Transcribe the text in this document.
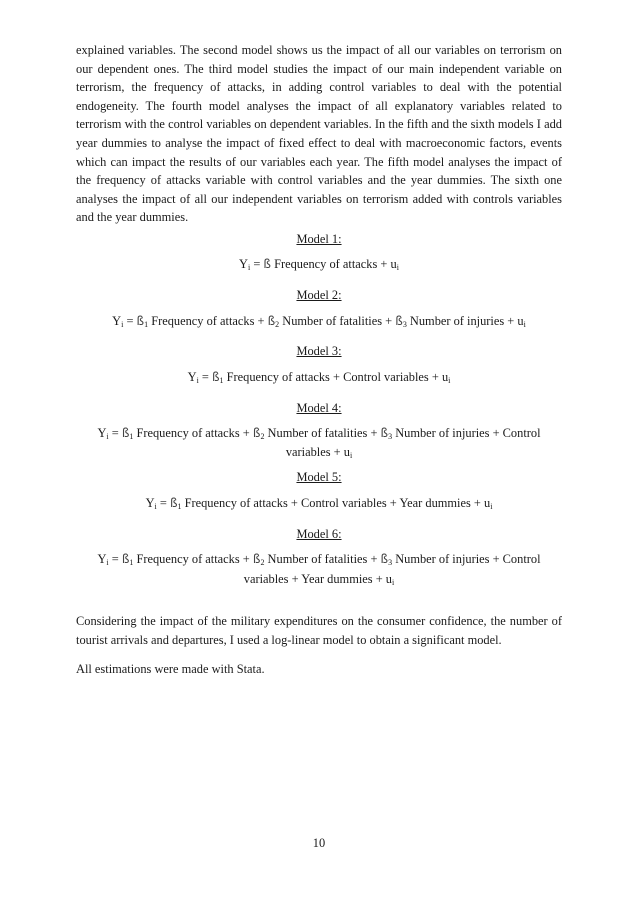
explained variables. The second model shows us the impact of all our variables on terrorism on our dependent ones. The third model studies the impact of our main independent variable on terrorism, the frequency of attacks, in adding control variables to deal with the potential endogeneity. The fourth model analyses the impact of all explanatory variables related to terrorism with the control variables on dependent variables. In the fifth and the sixth models I add year dummies to analyse the impact of fixed effect to deal with macroeconomic factors, events which can impact the results of our variables each year. The fifth model analyses the impact of the frequency of attacks variable with control variables and the year dummies. The sixth one analyses the impact of all our independent variables on terrorism added with controls variables and the year dummies.

Model 1:
$Y_i$ = ß Frequency of attacks + $u_i$
Model 2:
$Y_i$ = $ß_1$ Frequency of attacks + $ß_2$ Number of fatalities + $ß_3$ Number of injuries + $u_i$
Model 3:
$Y_i$ = $ß_1$ Frequency of attacks + Control variables + $u_i$
Model 4:
$Y_i$ = $ß_1$ Frequency of attacks + $ß_2$ Number of fatalities + $ß_3$ Number of injuries + Control
variables + $u_i$
Model 5:
$Y_i$ = $ß_1$ Frequency of attacks + Control variables + Year dummies + $u_i$
Model 6:
$Y_i$ = $ß_1$ Frequency of attacks + $ß_2$ Number of fatalities + $ß_3$ Number of injuries + Control
variables + Year dummies + $u_i$

Considering the impact of the military expenditures on the consumer confidence, the number of tourist arrivals and departures, I used a log-linear model to obtain a significant model.

All estimations were made with Stata.

10
